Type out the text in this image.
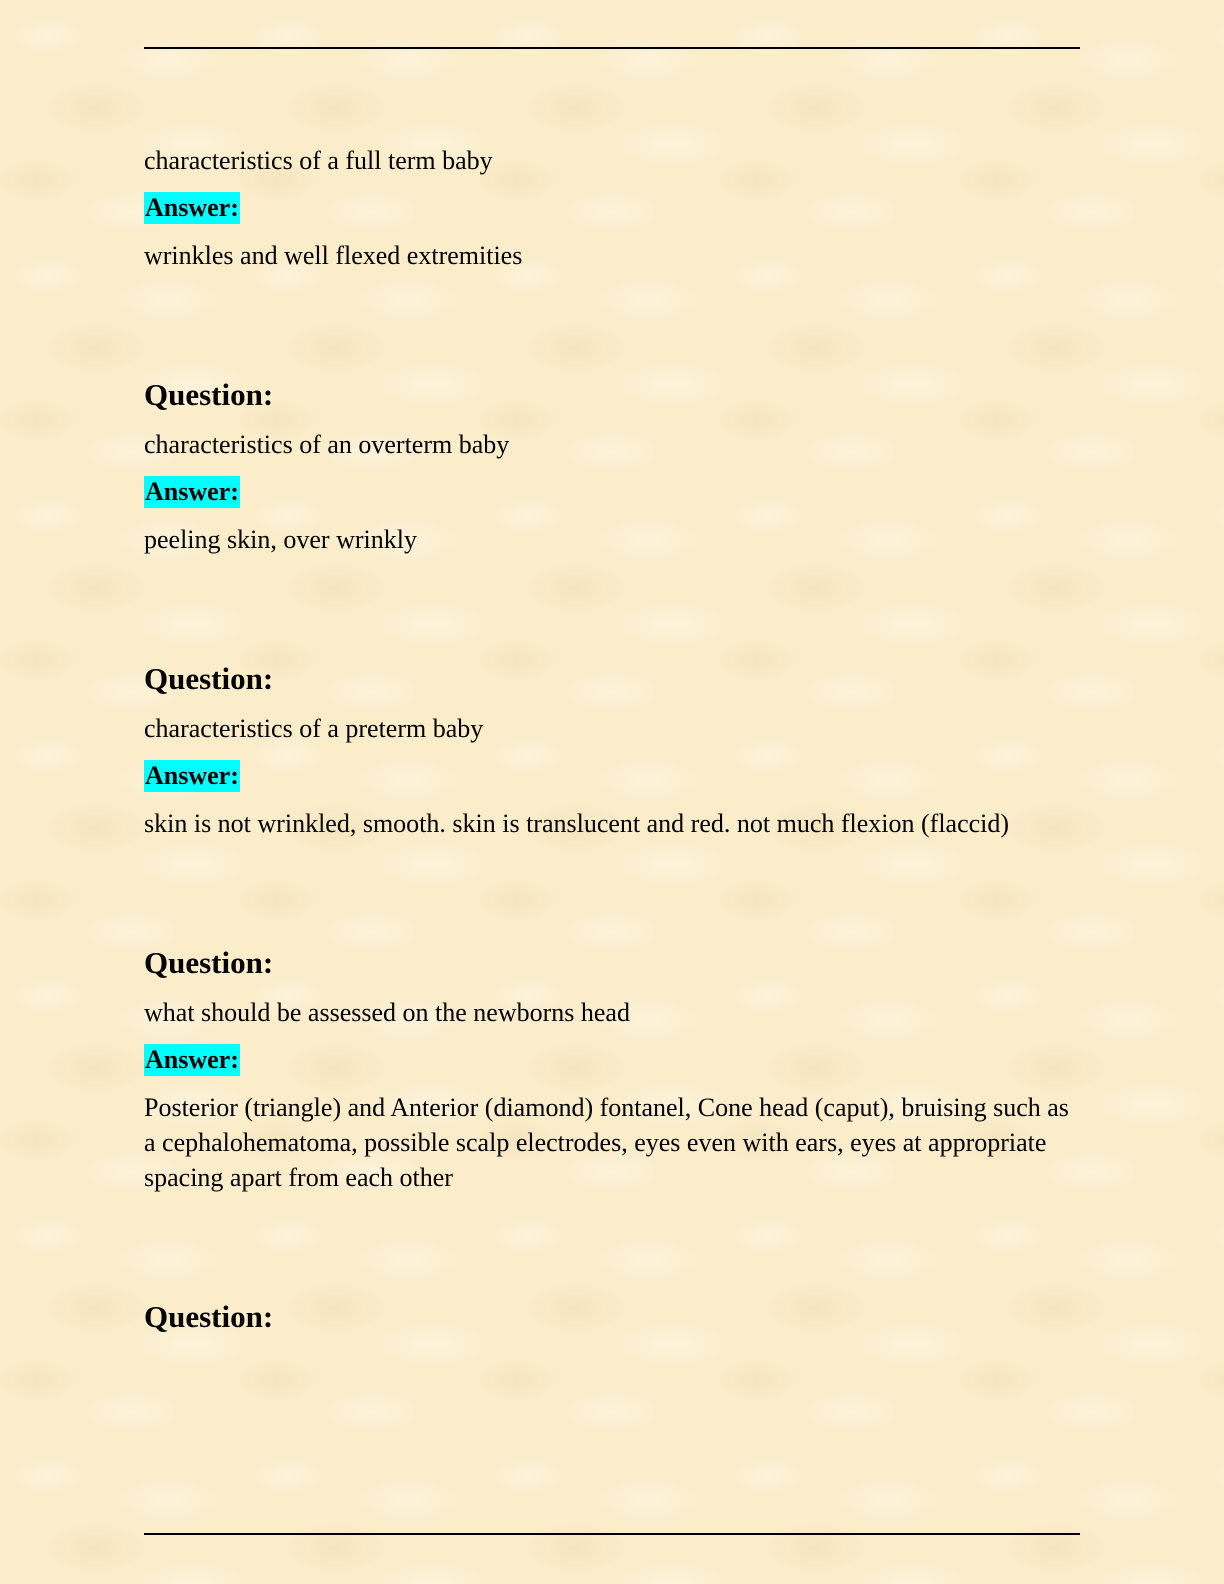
characteristics of a full term baby

Answer:

wrinkles and well flexed extremities

Question:

characteristics of an overterm baby

Answer:

peeling skin, over wrinkly

Question:

characteristics of a preterm baby

Answer:

skin is not wrinkled, smooth. skin is translucent and red. not much flexion (flaccid)

Question:

what should be assessed on the newborns head

Answer:

Posterior (triangle) and Anterior (diamond) fontanel, Cone head (caput), bruising such as a cephalohematoma, possible scalp electrodes, eyes even with ears, eyes at appropriate spacing apart from each other

Question:
